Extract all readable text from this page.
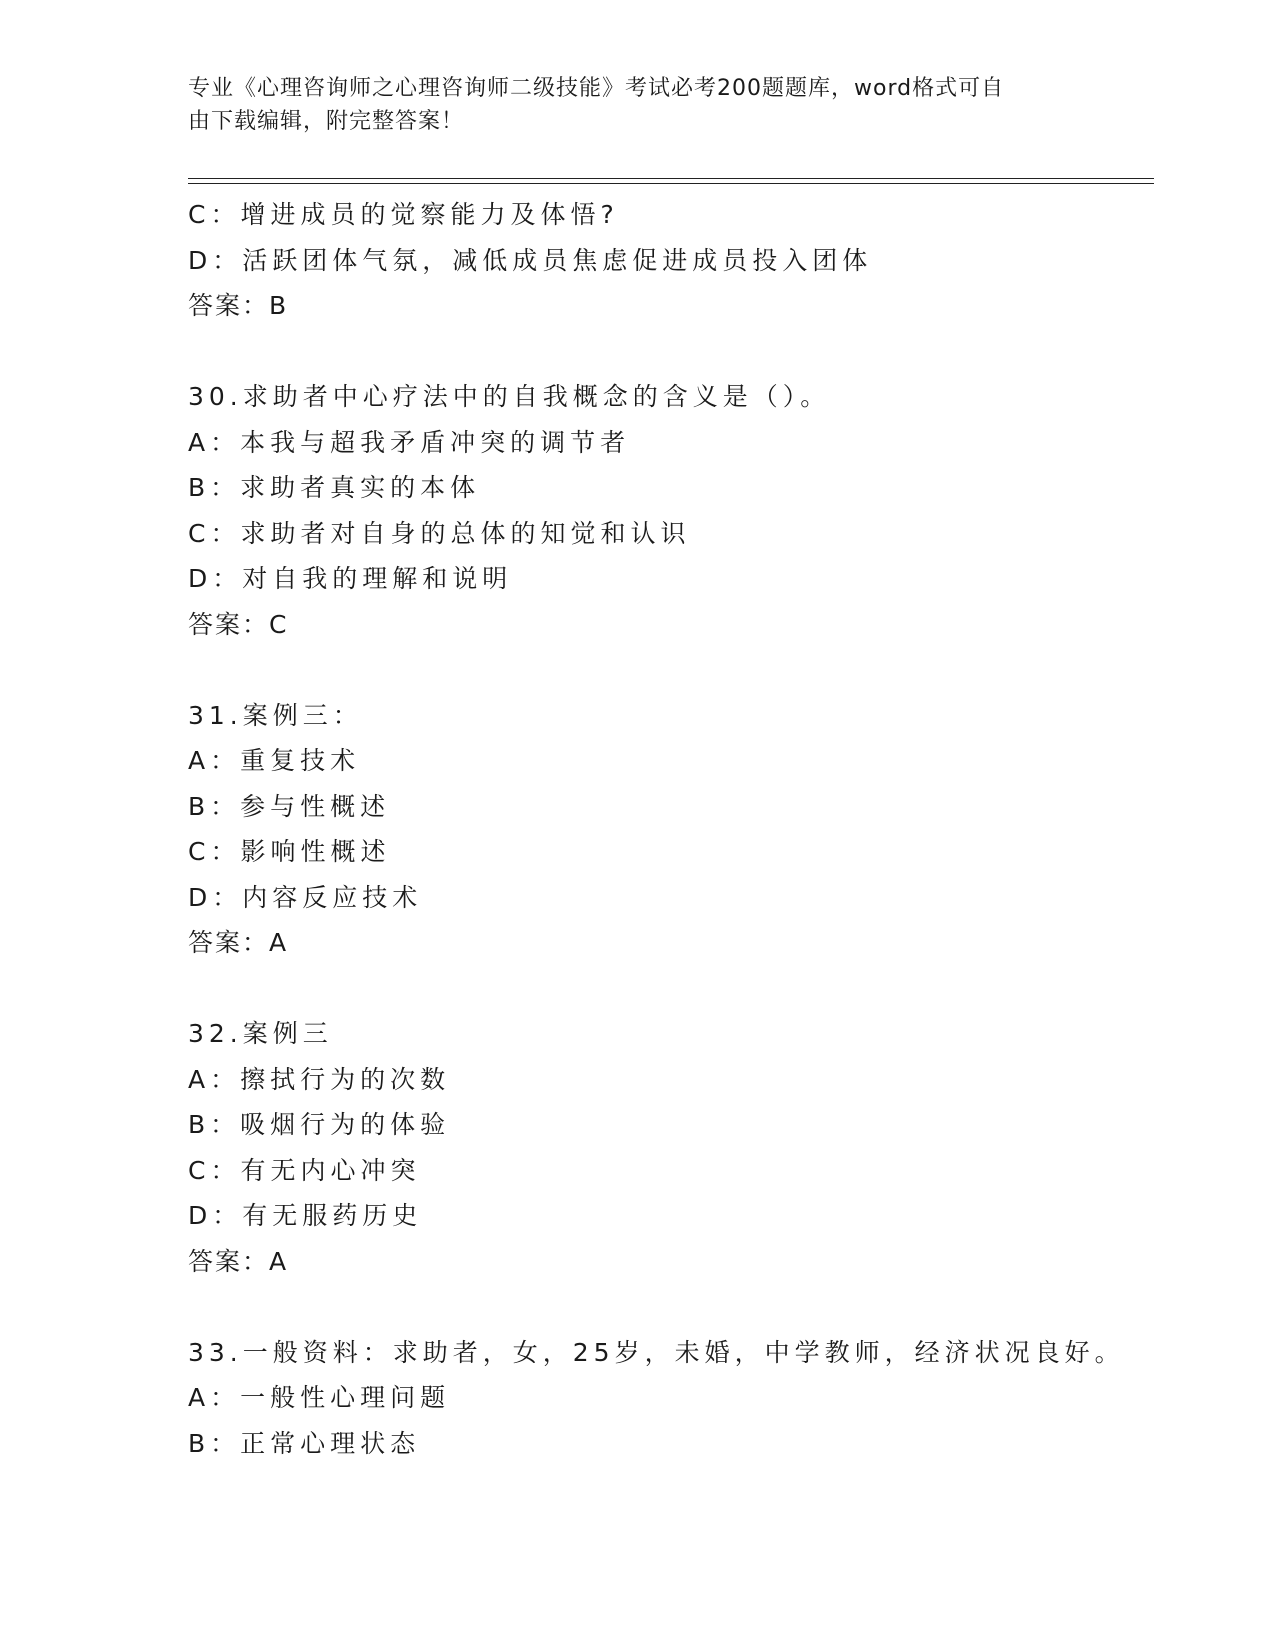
专业《心理咨询师之心理咨询师二级技能》考试必考200题题库，word格式可自
由下载编辑，附完整答案！
C：增进成员的觉察能力及体悟?
D：活跃团体气氛，减低成员焦虑促进成员投入团体
答案：B
30.求助者中心疗法中的自我概念的含义是（）。
A：本我与超我矛盾冲突的调节者
B：求助者真实的本体
C：求助者对自身的总体的知觉和认识
D：对自我的理解和说明
答案：C
31.案例三：
A：重复技术
B：参与性概述
C：影响性概述
D：内容反应技术
答案：A
32.案例三
A：擦拭行为的次数
B：吸烟行为的体验
C：有无内心冲突
D：有无服药历史
答案：A
33.一般资料：求助者，女，25岁，未婚，中学教师，经济状况良好。
A：一般性心理问题
B：正常心理状态
